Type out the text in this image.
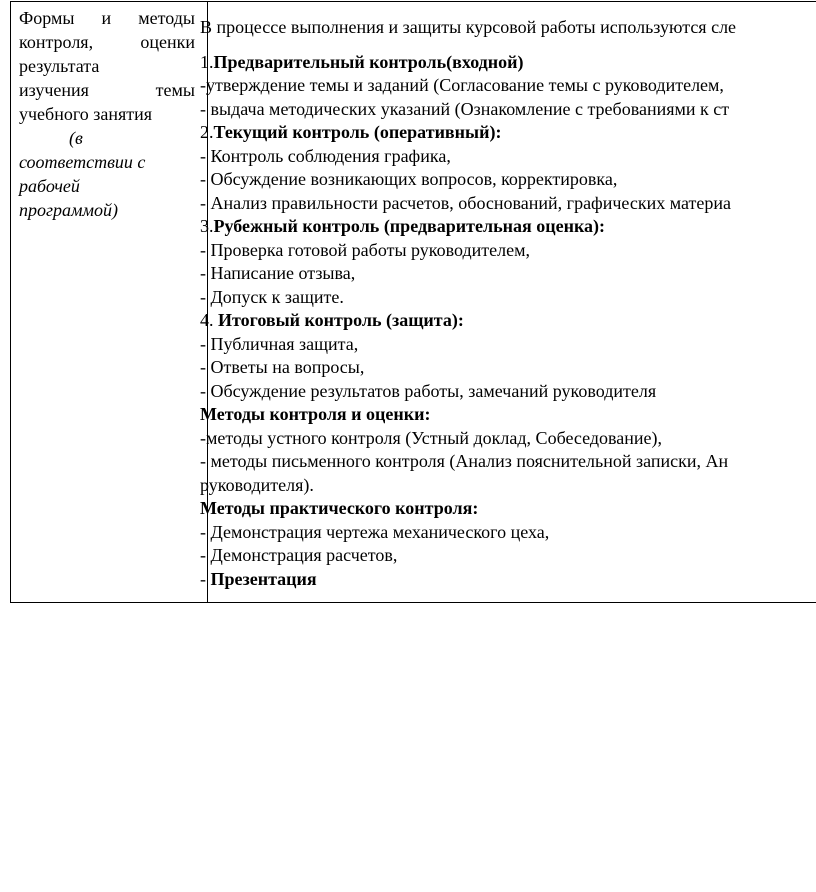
Формы и методы
контроля, оценки
результата
изучения темы
учебного занятия
(в
соответствии с
рабочей
программой)
В процессе выполнения и защиты курсовой работы используются сле
1.Предварительный контроль(входной)
-утверждение темы и заданий (Согласование темы с руководителем,
- выдача методических указаний (Ознакомление с требованиями к ст
2.Текущий контроль (оперативный):
- Контроль соблюдения графика,
- Обсуждение возникающих вопросов, корректировка,
- Анализ правильности расчетов, обоснований, графических материа
3.Рубежный контроль (предварительная оценка):
- Проверка готовой работы руководителем,
- Написание отзыва,
- Допуск к защите.
4. Итоговый контроль (защита):
- Публичная защита,
- Ответы на вопросы,
- Обсуждение результатов работы, замечаний руководителя
Методы контроля и оценки:
-методы устного контроля (Устный доклад, Собеседование),
- методы письменного контроля (Анализ пояснительной записки, Ан
руководителя).
Методы практического контроля:
- Демонстрация чертежа механического цеха,
- Демонстрация расчетов,
- Презентация
